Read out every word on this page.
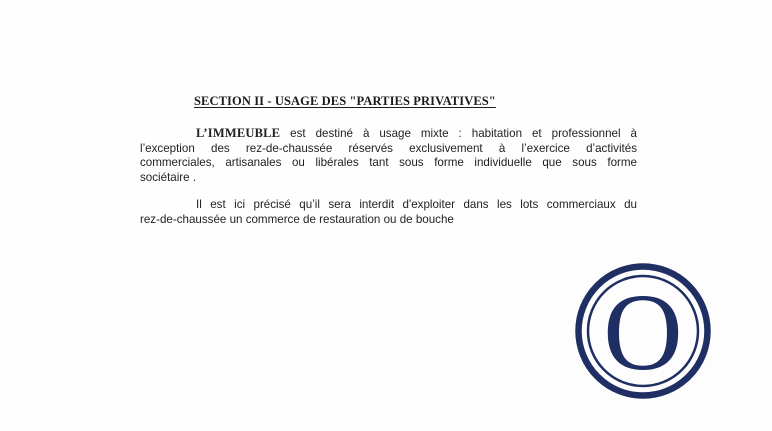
SECTION II - USAGE DES "PARTIES PRIVATIVES"
L’IMMEUBLE est destiné à usage mixte : habitation et professionnel à
l’exception des rez-de-chaussée réservés exclusivement à l’exercice d’activités
commerciales, artisanales ou libérales tant sous forme individuelle que sous forme
sociétaire .
Il est ici précisé qu’il sera interdit d'exploiter dans les lots commerciaux du
rez-de-chaussée un commerce de restauration ou de bouche
O
